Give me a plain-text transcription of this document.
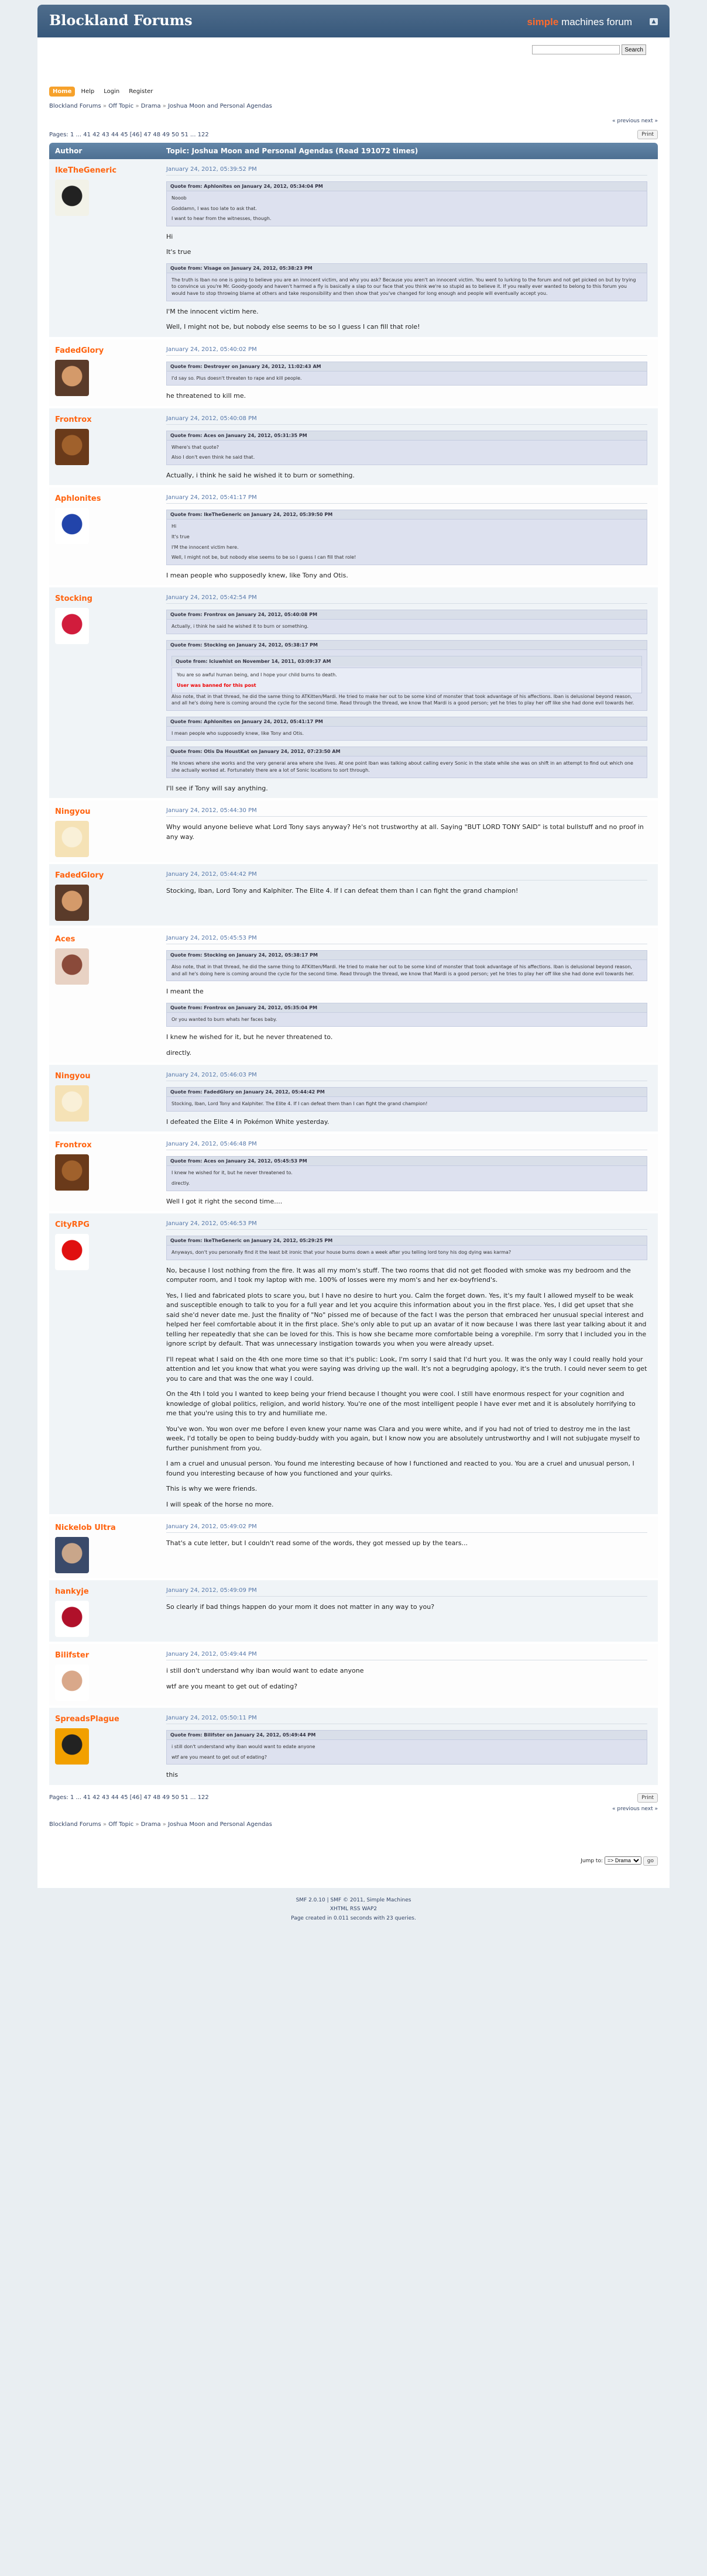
Blockland Forums	simple machines forum	▲
Search
Home	Help	Login	Register
Blockland Forums » Off Topic » Drama » Joshua Moon and Personal Agendas
« previous next »
Pages: 1 ... 41 42 43 44 45 [46] 47 48 49 50 51 ... 122	Print
Author	Topic: Joshua Moon and Personal Agendas (Read 191072 times)
IkeTheGeneric	January 24, 2012, 05:39:52 PM
Quote from: Aphlonites on January 24, 2012, 05:34:04 PM
Nooob
Goddamn, I was too late to ask that.
I want to hear from the witnesses, though.
Hi
It's true
Quote from: Visage on January 24, 2012, 05:38:23 PM
The truth is Iban no one is going to believe you are an innocent victim, and why you ask? Because you aren't an innocent victim. You went to lurking to the forum and not get picked on but by trying to convince us you're Mr. Goody-goody and haven't harmed a fly is basically a slap to our face that you think we're so stupid as to believe it. If you really ever wanted to belong to this forum you would have to stop throwing blame at others and take responsibility and then show that you've changed for long enough and people will eventually accept you.
I'M the innocent victim here.
Well, I might not be, but nobody else seems to be so I guess I can fill that role!
FadedGlory	January 24, 2012, 05:40:02 PM
Quote from: Destroyer on January 24, 2012, 11:02:43 AM
I'd say so. Plus doesn't threaten to rape and kill people.
he threatened to kill me.
Frontrox	January 24, 2012, 05:40:08 PM
Quote from: Aces on January 24, 2012, 05:31:35 PM
Where's that quote?
Also I don't even think he said that.
Actually, i think he said he wished it to burn or something.
Aphlonites	January 24, 2012, 05:41:17 PM
Quote from: IkeTheGeneric on January 24, 2012, 05:39:50 PM
Hi
It's true
I'M the innocent victim here.
Well, I might not be, but nobody else seems to be so I guess I can fill that role!
I mean people who supposedly knew, like Tony and Otis.
Stocking	January 24, 2012, 05:42:54 PM
Quote from: Frontrox on January 24, 2012, 05:40:08 PM
Actually, i think he said he wished it to burn or something.
Quote from: Stocking on January 24, 2012, 05:38:17 PM
Quote from: Iciuwhist on November 14, 2011, 03:09:37 AM
You are so awful human being, and I hope your child burns to death.
User was banned for this post
Also note, that in that thread, he did the same thing to ATKitten/Mardi. He tried to make her out to be some kind of monster that took advantage of his affections. Iban is delusional beyond reason, and all he's doing here is coming around the cycle for the second time. Read through the thread, we know that Mardi is a good person; yet he tries to play her off like she had done evil towards her.
Quote from: Aphlonites on January 24, 2012, 05:41:17 PM
I mean people who supposedly knew, like Tony and Otis.
Quote from: Otis Da HoustKat on January 24, 2012, 07:23:50 AM
He knows where she works and the very general area where she lives. At one point Iban was talking about calling every Sonic in the state while she was on shift in an attempt to find out which one she actually worked at. Fortunately there are a lot of Sonic locations to sort through.
I'll see if Tony will say anything.
Ningyou	January 24, 2012, 05:44:30 PM
Why would anyone believe what Lord Tony says anyway? He's not trustworthy at all. Saying "BUT LORD TONY SAID" is total bullstuff and no proof in any way.
FadedGlory	January 24, 2012, 05:44:42 PM
Stocking, Iban, Lord Tony and Kalphiter. The Elite 4. If I can defeat them than I can fight the grand champion!
Aces	January 24, 2012, 05:45:53 PM
Quote from: Stocking on January 24, 2012, 05:38:17 PM
Also note, that in that thread, he did the same thing to ATKitten/Mardi. He tried to make her out to be some kind of monster that took advantage of his affections. Iban is delusional beyond reason, and all he's doing here is coming around the cycle for the second time. Read through the thread, we know that Mardi is a good person; yet he tries to play her off like she had done evil towards her.
I meant the
Quote from: Frontrox on January 24, 2012, 05:35:04 PM
Or you wanted to burn whats her faces baby.
I knew he wished for it, but he never threatened to.
directly.
Ningyou	January 24, 2012, 05:46:03 PM
Quote from: FadedGlory on January 24, 2012, 05:44:42 PM
Stocking, Iban, Lord Tony and Kalphiter. The Elite 4. If I can defeat them than I can fight the grand champion!
I defeated the Elite 4 in Pokémon White yesterday.
Frontrox	January 24, 2012, 05:46:48 PM
Quote from: Aces on January 24, 2012, 05:45:53 PM
I knew he wished for it, but he never threatened to.
directly.
Well I got it right the second time....
CityRPG	January 24, 2012, 05:46:53 PM
Quote from: IkeTheGeneric on January 24, 2012, 05:29:25 PM
Anyways, don't you personally find it the least bit ironic that your house burns down a week after you telling lord tony his dog dying was karma?
No, because I lost nothing from the fire. It was all my mom's stuff. The two rooms that did not get flooded with smoke was my bedroom and the computer room, and I took my laptop with me. 100% of losses were my mom's and her ex-boyfriend's.
Yes, I lied and fabricated plots to scare you, but I have no desire to hurt you. Calm the forget down. Yes, it's my fault I allowed myself to be weak and susceptible enough to talk to you for a full year and let you acquire this information about you in the first place. Yes, I did get upset that she said she'd never date me. Just the finality of "No" pissed me of because of the fact I was the person that embraced her unusual special interest and helped her feel comfortable about it in the first place. She's only able to put up an avatar of it now because I was there last year talking about it and telling her repeatedly that she can be loved for this. This is how she became more comfortable being a vorephile. I'm sorry that I included you in the ignore script by default. That was unnecessary instigation towards you when you were already upset.
I'll repeat what I said on the 4th one more time so that it's public: Look, I'm sorry I said that I'd hurt you. It was the only way I could really hold your attention and let you know that what you were saying was driving up the wall. It's not a begrudging apology, it's the truth. I could never seem to get you to care and that was the one way I could.
On the 4th I told you I wanted to keep being your friend because I thought you were cool. I still have enormous respect for your cognition and knowledge of global politics, religion, and world history. You're one of the most intelligent people I have ever met and it is absolutely horrifying to me that you're using this to try and humiliate me.
You've won. You won over me before I even knew your name was Clara and you were white, and if you had not of tried to destroy me in the last week, I'd totally be open to being buddy-buddy with you again, but I know now you are absolutely untrustworthy and I will not subjugate myself to further punishment from you.
I am a cruel and unusual person. You found me interesting because of how I functioned and reacted to you. You are a cruel and unusual person, I found you interesting because of how you functioned and your quirks.
This is why we were friends.
I will speak of the horse no more.
Nickelob Ultra	January 24, 2012, 05:49:02 PM
That's a cute letter, but I couldn't read some of the words, they got messed up by the tears...
hankyje	January 24, 2012, 05:49:09 PM
So clearly if bad things happen do your mom it does not matter in any way to you?
Bilifster	January 24, 2012, 05:49:44 PM
i still don't understand why iban would want to edate anyone
wtf are you meant to get out of edating?
SpreadsPlague	January 24, 2012, 05:50:11 PM
Quote from: Bilifster on January 24, 2012, 05:49:44 PM
i still don't understand why iban would want to edate anyone
wtf are you meant to get out of edating?
this
Pages: 1 ... 41 42 43 44 45 [46] 47 48 49 50 51 ... 122	Print
« previous next »
Blockland Forums » Off Topic » Drama » Joshua Moon and Personal Agendas
Jump to:
=> Drama	go
SMF 2.0.10 | SMF © 2011, Simple Machines
XHTML RSS WAP2
Page created in 0.011 seconds with 23 queries.
